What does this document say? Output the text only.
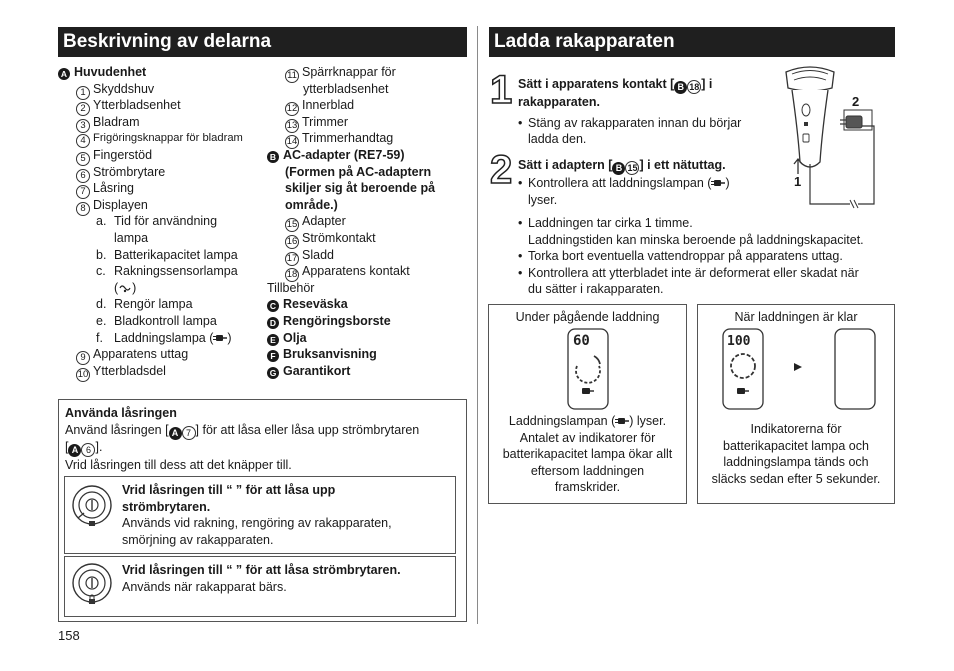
Beskrivning av delarna
A Huvudenhet
1 Skyddshuv
2 Ytterbladsenhet
3 Bladram
4 Frigöringsknappar för bladram
5 Fingerstöd
6 Strömbrytare
7 Låsring
8 Displayen
a. Tid för användning
lampa
b. Batterikapacitet lampa
c. Rakningssensorlampa
( )
d. Rengör lampa
e. Bladkontroll lampa
f. Laddningslampa ( )
9 Apparatens uttag
10 Ytterbladsdel
11 Spärrknappar för
ytterbladsenhet
12 Innerblad
13 Trimmer
14 Trimmerhandtag
B AC-adapter (RE7-59)
(Formen på AC-adaptern
skiljer sig åt beroende på
område.)
15 Adapter
16 Strömkontakt
17 Sladd
18 Apparatens kontakt
Tillbehör
C Reseväska
D Rengöringsborste
E Olja
F Bruksanvisning
G Garantikort
Använda låsringen
Använd låsringen [ A 7 ] för att låsa eller låsa upp strömbrytaren
[ A 6 ].
Vrid låsringen till dess att det knäpper till.
Vrid låsringen till “ ” för att låsa upp
strömbrytaren.
Används vid rakning, rengöring av rakapparaten,
smörjning av rakapparaten.
Vrid låsringen till “ ” för att låsa strömbrytaren.
Används när rakapparat bärs.
158
Ladda rakapparaten
1 Sätt i apparatens kontakt [ B 18 ] i
rakapparaten.
• Stäng av rakapparaten innan du börjar
ladda den.
2 Sätt i adaptern [ B 15 ] i ett nätuttag.
• Kontrollera att laddningslampan ( )
lyser.
2
1
• Laddningen tar cirka 1 timme.
Laddningstiden kan minska beroende på laddningskapacitet.
• Torka bort eventuella vattendroppar på apparatens uttag.
• Kontrollera att ytterbladet inte är deformerat eller skadat när
du sätter i rakapparaten.
Under pågående laddning
60
Laddningslampan ( ) lyser.
Antalet av indikatorer för
batterikapacitet lampa ökar allt
eftersom laddningen
framskrider.
När laddningen är klar
100
Indikatorerna för
batterikapacitet lampa och
laddningslampa tänds och
släcks sedan efter 5 sekunder.
